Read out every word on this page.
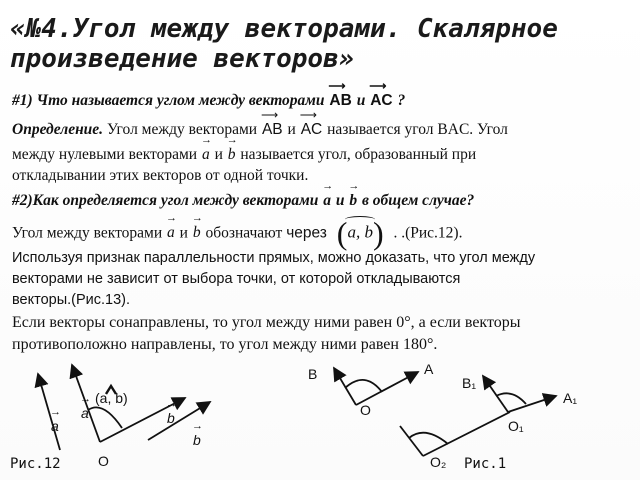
«№4.Угол между векторами. Скалярное произведение векторов»
#1) Что называется углом между векторами ⟶ AB и ⟶ AC ?
Определение. Угол между векторами ⟶ AB и ⟶ AC называется угол BAC. Угол
между нулевыми векторами → a и → b называется угол, образованный при
откладывании этих векторов от одной точки.
#2)Как определяется угол между векторами → a и → b в общем случае?
Угол между векторами → a и → b обозначают через (
a, b) . .(Рис.12).
Используя признак параллельности прямых, можно доказать, что угол между
векторами не зависит от выбора точки, от которой откладываются
векторы.(Рис.13).
Если векторы сонаправлены, то угол между ними равен 0°, а если векторы
противоположно направлены, то угол между ними равен 180°.
(a, b)
→ a
→ a	→ b
→ b
O
Рис.12
B	A
B₁
A₁
O
O₁
O₂ Рис.1
